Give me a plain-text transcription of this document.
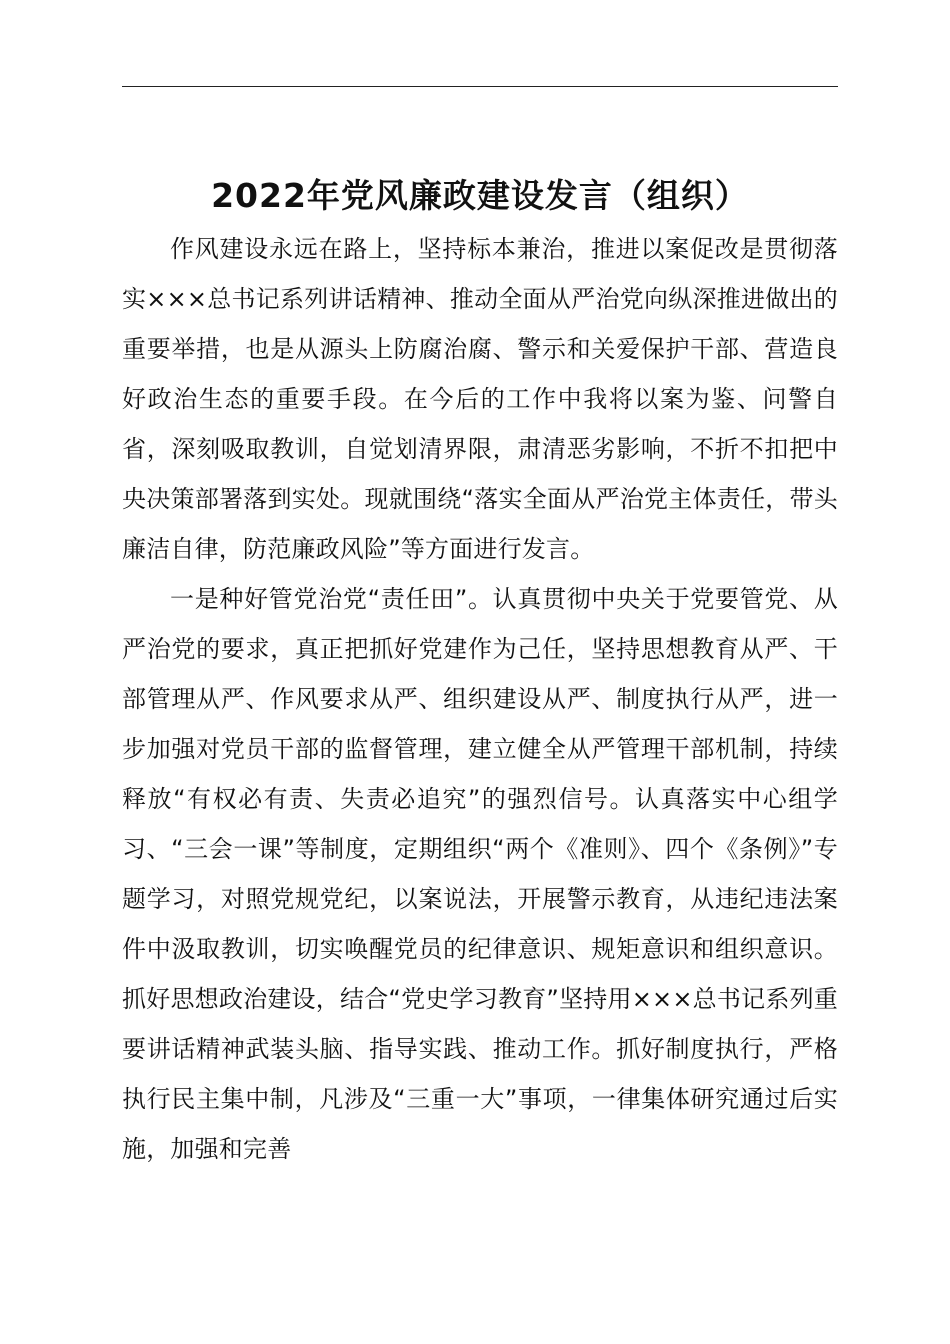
2022年党风廉政建设发言（组织）

作风建设永远在路上，坚持标本兼治，推进以案促改是贯彻落实×××总书记系列讲话精神、推动全面从严治党向纵深推进做出的重要举措，也是从源头上防腐治腐、警示和关爱保护干部、营造良好政治生态的重要手段。在今后的工作中我将以案为鉴、问警自省，深刻吸取教训，自觉划清界限，肃清恶劣影响，不折不扣把中央决策部署落到实处。现就围绕“落实全面从严治党主体责任，带头廉洁自律，防范廉政风险”等方面进行发言。

一是种好管党治党“责任田”。认真贯彻中央关于党要管党、从严治党的要求，真正把抓好党建作为己任，坚持思想教育从严、干部管理从严、作风要求从严、组织建设从严、制度执行从严，进一步加强对党员干部的监督管理，建立健全从严管理干部机制，持续释放“有权必有责、失责必追究”的强烈信号。认真落实中心组学习、“三会一课”等制度，定期组织“两个《准则》、四个《条例》”专题学习，对照党规党纪，以案说法，开展警示教育，从违纪违法案件中汲取教训，切实唤醒党员的纪律意识、规矩意识和组织意识。抓好思想政治建设，结合“党史学习教育”坚持用×××总书记系列重要讲话精神武装头脑、指导实践、推动工作。抓好制度执行，严格执行民主集中制，凡涉及“三重一大”事项，一律集体研究通过后实施，加强和完善
